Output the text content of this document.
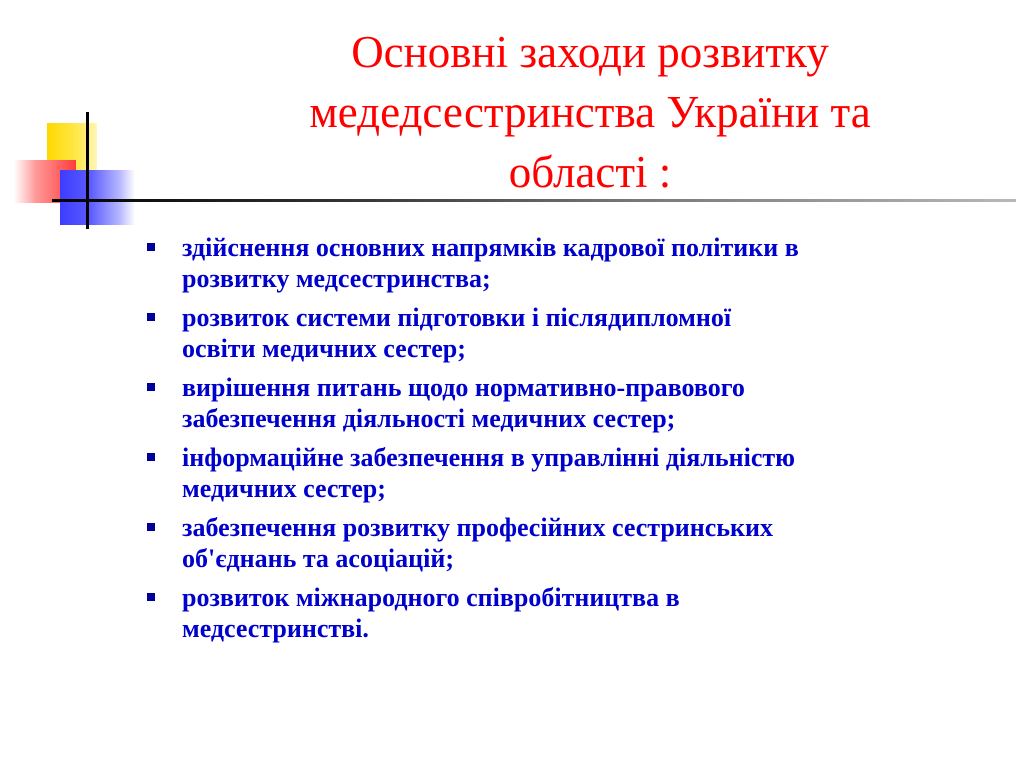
Основні заходи розвитку
медедсестринства України та
області :
здійснення основних напрямків кадрової політики в
розвитку медсестринства;
розвиток системи підготовки і післядипломної
освіти медичних сестер;
вирішення питань щодо нормативно-правового
забезпечення діяльності медичних сестер;
інформаційне забезпечення в управлінні діяльністю
медичних сестер;
забезпечення розвитку професійних сестринських
об'єднань та асоціацій;
розвиток міжнародного співробітництва в
медсестринстві.
